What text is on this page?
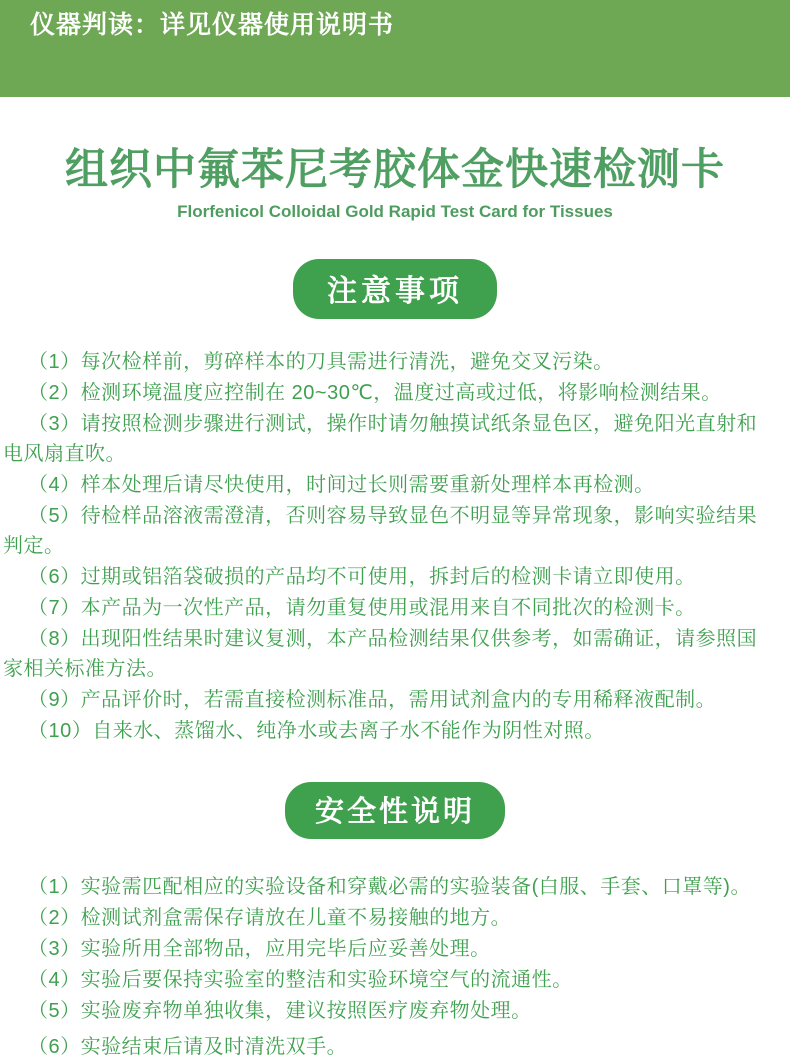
仪器判读：详见仪器使用说明书
组织中氟苯尼考胶体金快速检测卡
Florfenicol Colloidal Gold Rapid Test Card for Tissues
注意事项
（1）每次检样前，剪碎样本的刀具需进行清洗，避免交叉污染。
（2）检测环境温度应控制在 20~30℃，温度过高或过低，将影响检测结果。
（3）请按照检测步骤进行测试，操作时请勿触摸试纸条显色区，避免阳光直射和电风扇直吹。
（4）样本处理后请尽快使用，时间过长则需要重新处理样本再检测。
（5）待检样品溶液需澄清，否则容易导致显色不明显等异常现象，影响实验结果判定。
（6）过期或铝箔袋破损的产品均不可使用，拆封后的检测卡请立即使用。
（7）本产品为一次性产品，请勿重复使用或混用来自不同批次的检测卡。
（8）出现阳性结果时建议复测，本产品检测结果仅供参考，如需确证，请参照国家相关标准方法。
（9）产品评价时，若需直接检测标准品，需用试剂盒内的专用稀释液配制。
（10）自来水、蒸馏水、纯净水或去离子水不能作为阴性对照。
安全性说明
（1）实验需匹配相应的实验设备和穿戴必需的实验装备(白服、手套、口罩等)。
（2）检测试剂盒需保存请放在儿童不易接触的地方。
（3）实验所用全部物品，应用完毕后应妥善处理。
（4）实验后要保持实验室的整洁和实验环境空气的流通性。
（5）实验废弃物单独收集，建议按照医疗废弃物处理。
（6）实验结束后请及时清洗双手。
